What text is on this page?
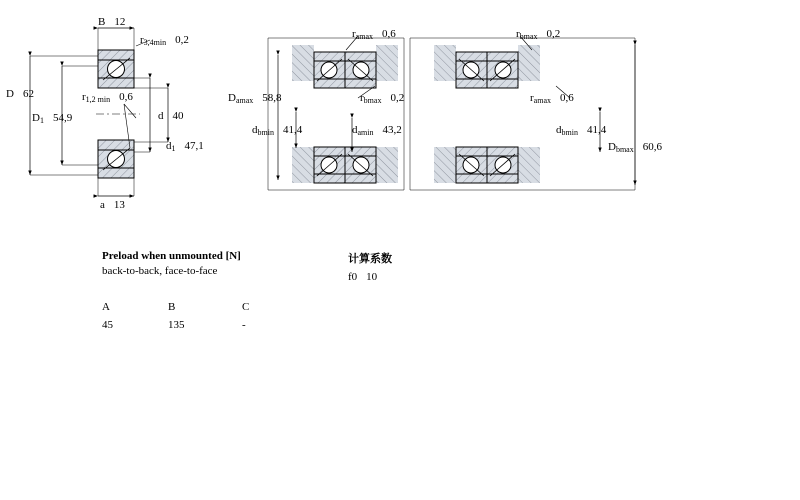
B 12
$r_{3,4min}$ 0,2
D 62	$r_{1,2 min}$ 0,6
$D_1$ 54,9	d 40
$d_1$ 47,1
a 13
$r_{amax}$ 0,6
$D_{amax}$ 58,8	$r_{bmax}$ 0,2
$d_{bmin}$ 41,4	$d_{amin}$ 43,2
$r_{bmax}$ 0,2
$r_{amax}$ 0,6
$d_{bmin}$ 41,4
$D_{bmax}$ 60,6
Preload when unmounted [N]
back-to-back, face-to-face
A	B	C
45	135	-
计算系数
f0 10
